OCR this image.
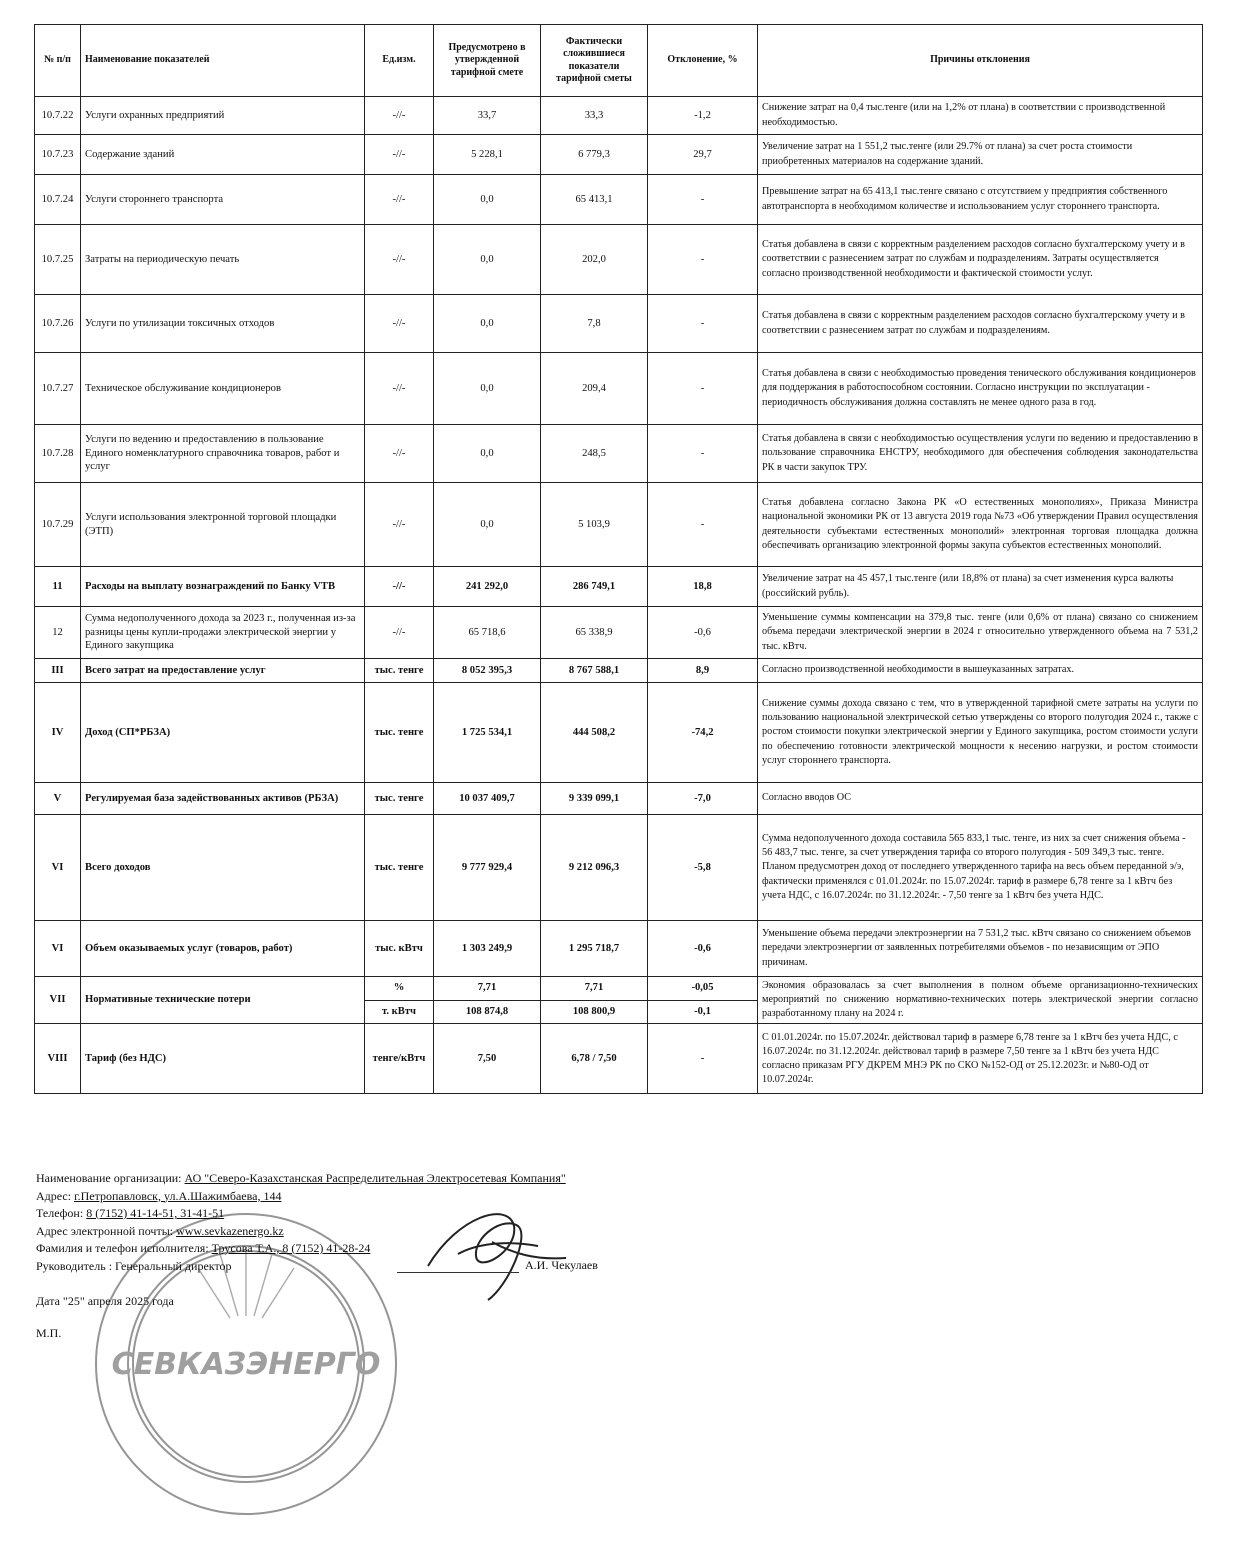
№ п/п	Наименование показателей	Ед.изм.	Предусмотрено в утвержденной тарифной смете	Фактически сложившиеся показатели тарифной сметы	Отклонение, %	Причины отклонения
10.7.22	Услуги охранных предприятий	-//-	33,7	33,3	-1,2	Снижение затрат на 0,4 тыс.тенге (или на 1,2% от плана) в соответствии с производственной необходимостью.
10.7.23	Содержание зданий	-//-	5 228,1	6 779,3	29,7	Увеличение затрат на 1 551,2 тыс.тенге (или 29.7% от плана) за счет роста стоимости приобретенных материалов на содержание зданий.
10.7.24	Услуги стороннего транспорта	-//-	0,0	65 413,1	-	Превышение затрат на 65 413,1 тыс.тенге связано с отсутствием у предприятия собственного автотранспорта в необходимом количестве и использованием услуг стороннего транспорта.
10.7.25	Затраты на периодическую печать	-//-	0,0	202,0	-	Статья добавлена в связи с корректным разделением расходов согласно бухгалтерскому учету и в соответствии с разнесением затрат по службам и подразделениям. Затраты осуществляется согласно производственной необходимости и фактической стоимости услуг.
10.7.26	Услуги по утилизации токсичных отходов	-//-	0,0	7,8	-	Статья добавлена в связи с корректным разделением расходов согласно бухгалтерскому учету и в соответствии с разнесением затрат по службам и подразделениям.
10.7.27	Техническое обслуживание кондиционеров	-//-	0,0	209,4	-	Статья добавлена в связи с необходимостью проведения тенического обслуживания кондиционеров для поддержания в работоспособном состоянии. Согласно инструкции по эксплуатации - периодичность обслуживания должна составлять не менее одного раза в год.
10.7.28	Услуги по ведению и предоставлению в пользование Единого номенклатурного справочника товаров, работ и услуг	-//-	0,0	248,5	-	Статья добавлена в связи с необходимостью осуществления услуги по ведению и предоставлению в пользование справочника ЕНСТРУ, необходимого для обеспечения соблюдения законодательства РК в части закупок ТРУ.
10.7.29	Услуги использования электронной торговой площадки (ЭТП)	-//-	0,0	5 103,9	-	Статья добавлена согласно Закона РК «О естественных монополиях», Приказа Министра национальной экономики РК от 13 августа 2019 года №73 «Об утверждении Правил осуществления деятельности субъектами естественных монополий» электронная торговая площадка должна обеспечивать организацию электронной формы закупа субъектов естественных монополий.
11	Расходы на выплату вознаграждений по Банку VTB	-//-	241 292,0	286 749,1	18,8	Увеличение затрат на 45 457,1 тыс.тенге (или 18,8% от плана) за счет изменения курса валюты (российский рубль).
12	Сумма недополученного дохода за 2023 г., полученная из-за разницы цены купли-продажи электрической энергии у Единого закупщика	-//-	65 718,6	65 338,9	-0,6	Уменьшение суммы компенсации на 379,8 тыс. тенге (или 0,6% от плана) связано со снижением объема передачи электрической энергии в 2024 г относительно утвержденного объема на 7 531,2 тыс. кВтч.
III	Всего затрат на предоставление услуг	тыс. тенге	8 052 395,3	8 767 588,1	8,9	Согласно производственной необходимости в вышеуказанных затратах.
IV	Доход (СП*РБЗА)	тыс. тенге	1 725 534,1	444 508,2	-74,2	Снижение суммы дохода связано с тем, что в утвержденной тарифной смете затраты на услуги по пользованию национальной электрической сетью утверждены со второго полугодия 2024 г., также с ростом стоимости покупки электрической энергии у Единого закупщика, ростом стоимости услуги по обеспечению готовности электрической мощности к несению нагрузки, и ростом стоимости услуг стороннего транспорта.
V	Регулируемая база задействованных активов (РБЗА)	тыс. тенге	10 037 409,7	9 339 099,1	-7,0	Согласно вводов ОС
VI	Всего доходов	тыс. тенге	9 777 929,4	9 212 096,3	-5,8	Сумма недополученного дохода составила 565 833,1 тыс. тенге, из них за счет снижения объема - 56 483,7 тыс. тенге, за счет утверждения тарифа со второго полугодия - 509 349,3 тыс. тенге. Планом предусмотрен доход от последнего утвержденного тарифа на весь объем переданной э/э, фактически применялся с 01.01.2024г. по 15.07.2024г. тариф в размере 6,78 тенге за 1 кВтч без учета НДС, с 16.07.2024г. по 31.12.2024г. - 7,50 тенге за 1 кВтч без учета НДС.
VI	Объем оказываемых услуг (товаров, работ)	тыс. кВтч	1 303 249,9	1 295 718,7	-0,6	Уменьшение объема передачи электроэнергии на 7 531,2 тыс. кВтч связано со снижением объемов передачи электроэнергии от заявленных потребителями объемов - по независящим от ЭПО причинам.
VII	Нормативные технические потери	%	7,71	7,71	-0,05	Экономия образовалась за счет выполнения в полном объеме организационно-технических мероприятий по снижению нормативно-технических потерь электрической энергии согласно разработанному плану на 2024 г.
		т. кВтч	108 874,8	108 800,9	-0,1	
VIII	Тариф (без НДС)	тенге/кВтч	7,50	6,78 / 7,50	-	С 01.01.2024г. по 15.07.2024г. действовал тариф в размере 6,78 тенге за 1 кВтч без учета НДС, с 16.07.2024г. по 31.12.2024г. действовал тариф в размере 7,50 тенге за 1 кВтч без учета НДС согласно приказам РГУ ДКРЕМ МНЭ РК по СКО №152-ОД от 25.12.2023г. и №80-ОД от 10.07.2024г.
СЕВКАЗЭНЕРГО
Наименование организации: АО "Северо-Казахстанская Распределительная Электросетевая Компания"
Адрес: г.Петропавловск, ул.А.Шажимбаева, 144
Телефон: 8 (7152) 41-14-51, 31-41-51
Адрес электронной почты: www.sevkazenergo.kz
Фамилия и телефон исполнителя: Трусова Т.А., 8 (7152) 41-28-24
Руководитель : Генеральный директор
Дата "25" апреля 2025 года
М.П.
А.И. Чекулаев
